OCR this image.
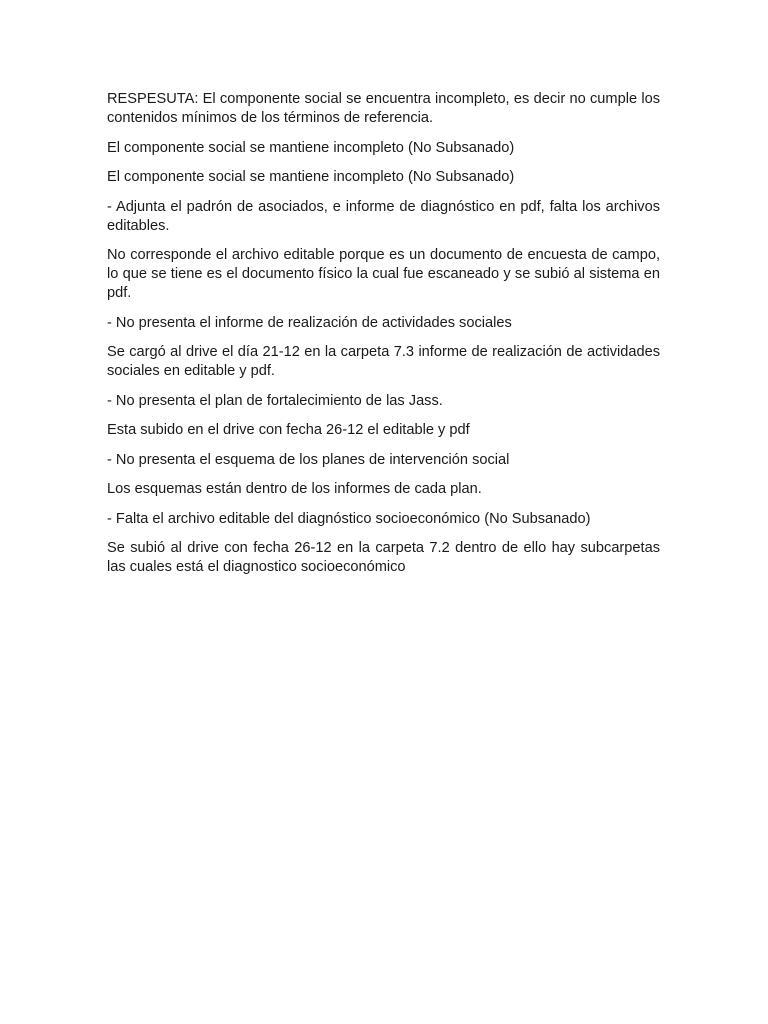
RESPESUTA: El componente social se encuentra incompleto, es decir no cumple los contenidos mínimos de los términos de referencia.

El componente social se mantiene incompleto (No Subsanado)

El componente social se mantiene incompleto (No Subsanado)

- Adjunta el padrón de asociados, e informe de diagnóstico en pdf, falta los archivos editables.

No corresponde el archivo editable porque es un documento de encuesta de campo, lo que se tiene es el documento físico la cual fue escaneado y se subió al sistema en pdf.

- No presenta el informe de realización de actividades sociales

Se cargó al drive el día 21-12 en la carpeta 7.3 informe de realización de actividades sociales en editable y pdf.

- No presenta el plan de fortalecimiento de las Jass.

Esta subido en el drive con fecha 26-12 el editable y pdf

- No presenta el esquema de los planes de intervención social

Los esquemas están dentro de los informes de cada plan.

- Falta el archivo editable del diagnóstico socioeconómico (No Subsanado)

Se subió al drive con fecha 26-12 en la carpeta 7.2 dentro de ello hay subcarpetas las cuales está el diagnostico socioeconómico
